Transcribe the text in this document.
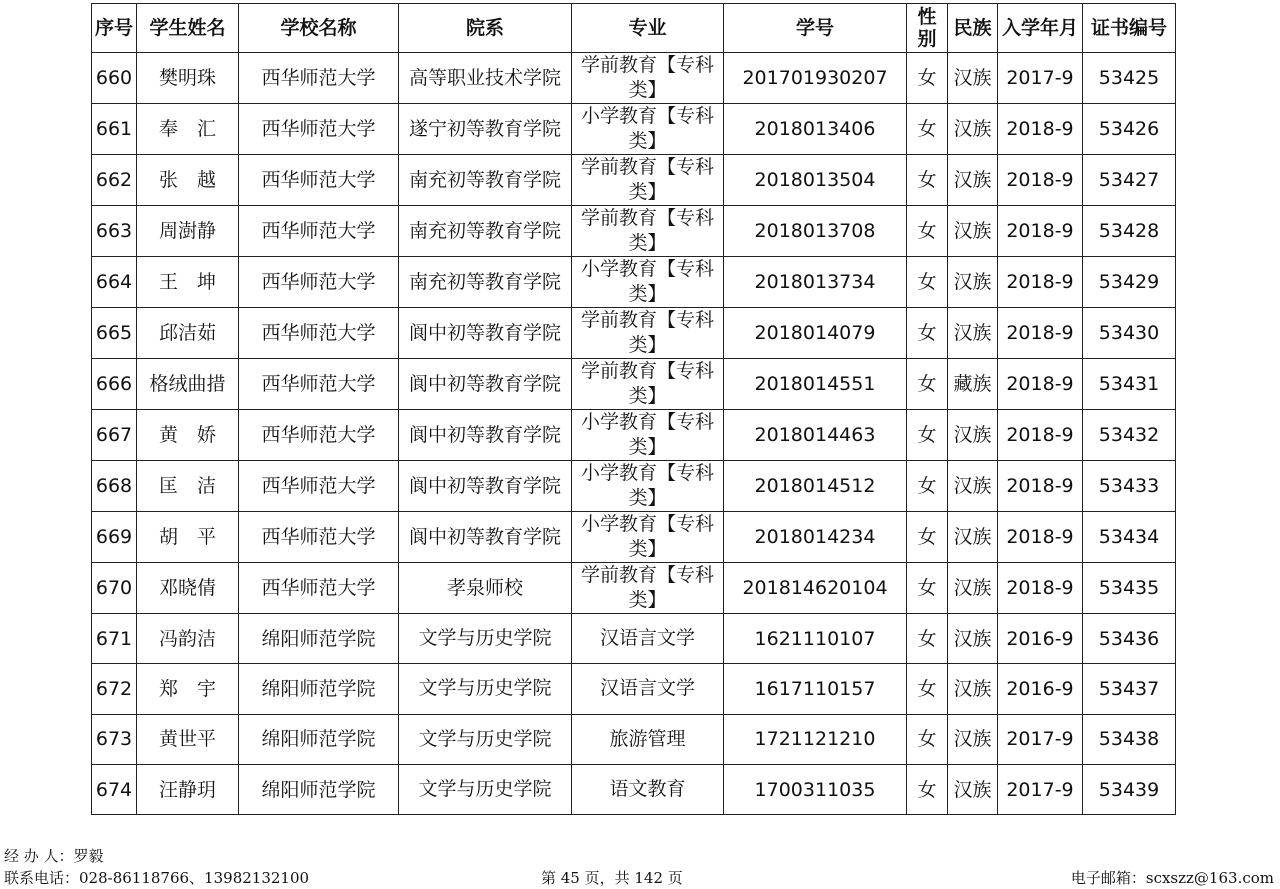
序号	学生姓名	学校名称	院系	专业	学号	性别	民族	入学年月	证书编号
660	樊明珠	西华师范大学	高等职业技术学院	学前教育【专科类】	201701930207	女	汉族	2017-9	53425
661	奉　汇	西华师范大学	遂宁初等教育学院	小学教育【专科类】	2018013406	女	汉族	2018-9	53426
662	张　越	西华师范大学	南充初等教育学院	学前教育【专科类】	2018013504	女	汉族	2018-9	53427
663	周澍静	西华师范大学	南充初等教育学院	学前教育【专科类】	2018013708	女	汉族	2018-9	53428
664	王　坤	西华师范大学	南充初等教育学院	小学教育【专科类】	2018013734	女	汉族	2018-9	53429
665	邱洁茹	西华师范大学	阆中初等教育学院	学前教育【专科类】	2018014079	女	汉族	2018-9	53430
666	格绒曲措	西华师范大学	阆中初等教育学院	学前教育【专科类】	2018014551	女	藏族	2018-9	53431
667	黄　娇	西华师范大学	阆中初等教育学院	小学教育【专科类】	2018014463	女	汉族	2018-9	53432
668	匡　洁	西华师范大学	阆中初等教育学院	小学教育【专科类】	2018014512	女	汉族	2018-9	53433
669	胡　平	西华师范大学	阆中初等教育学院	小学教育【专科类】	2018014234	女	汉族	2018-9	53434
670	邓晓倩	西华师范大学	孝泉师校	学前教育【专科类】	201814620104	女	汉族	2018-9	53435
671	冯韵洁	绵阳师范学院	文学与历史学院	汉语言文学	1621110107	女	汉族	2016-9	53436
672	郑　宇	绵阳师范学院	文学与历史学院	汉语言文学	1617110157	女	汉族	2016-9	53437
673	黄世平	绵阳师范学院	文学与历史学院	旅游管理	1721121210	女	汉族	2017-9	53438
674	汪静玥	绵阳师范学院	文学与历史学院	语文教育	1700311035	女	汉族	2017-9	53439
经 办 人：罗毅
联系电话：028-86118766、13982132100	第 45 页，共 142 页	电子邮箱：scxszz@163.com
